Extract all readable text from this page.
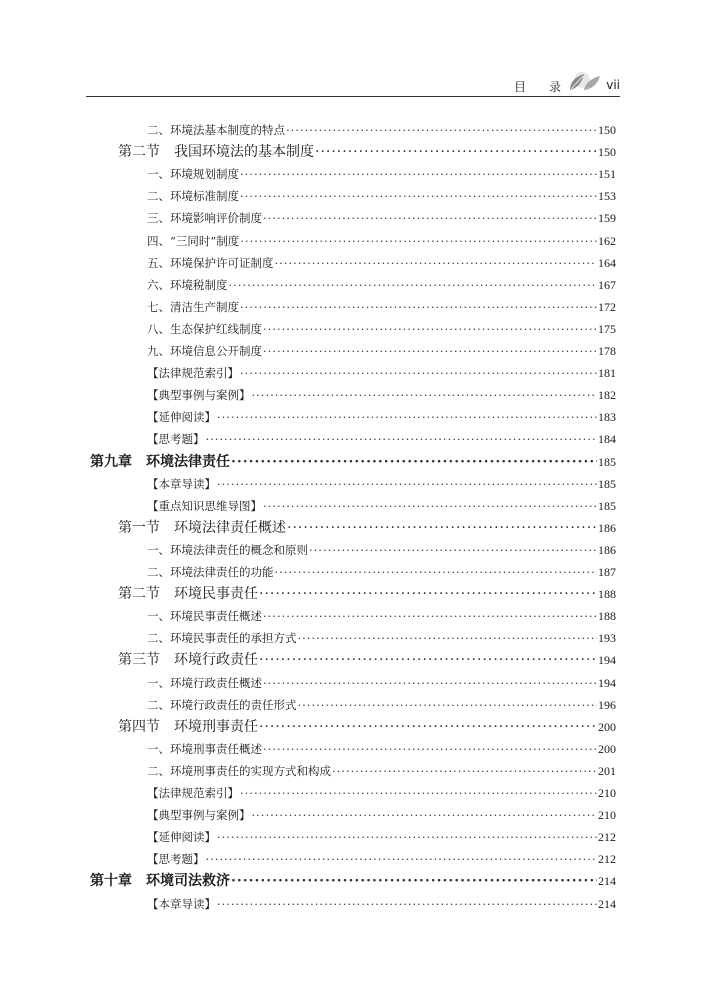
目 录	vii
二、环境法基本制度的特点 ·····	150
第二节　我国环境法的基本制度 ·····	150
一、环境规划制度 ·····	151
二、环境标准制度 ·····	153
三、环境影响评价制度 ·····	159
四、“三同时”制度 ·····	162
五、环境保护许可证制度 ·····	164
六、环境税制度 ·····	167
七、清洁生产制度 ·····	172
八、生态保护红线制度 ·····	175
九、环境信息公开制度 ·····	178
【法律规范索引】 ·····	181
【典型事例与案例】 ·····	182
【延伸阅读】 ·····	183
【思考题】 ·····	184
第九章　环境法律责任 ·····	185
【本章导读】 ·····	185
【重点知识思维导图】 ·····	185
第一节　环境法律责任概述 ·····	186
一、环境法律责任的概念和原则 ·····	186
二、环境法律责任的功能 ·····	187
第二节　环境民事责任 ·····	188
一、环境民事责任概述 ·····	188
二、环境民事责任的承担方式 ·····	193
第三节　环境行政责任 ·····	194
一、环境行政责任概述 ·····	194
二、环境行政责任的责任形式 ·····	196
第四节　环境刑事责任 ·····	200
一、环境刑事责任概述 ·····	200
二、环境刑事责任的实现方式和构成 ·····	201
【法律规范索引】 ·····	210
【典型事例与案例】 ·····	210
【延伸阅读】 ·····	212
【思考题】 ·····	212
第十章　环境司法救济 ·····	214
【本章导读】 ·····	214
